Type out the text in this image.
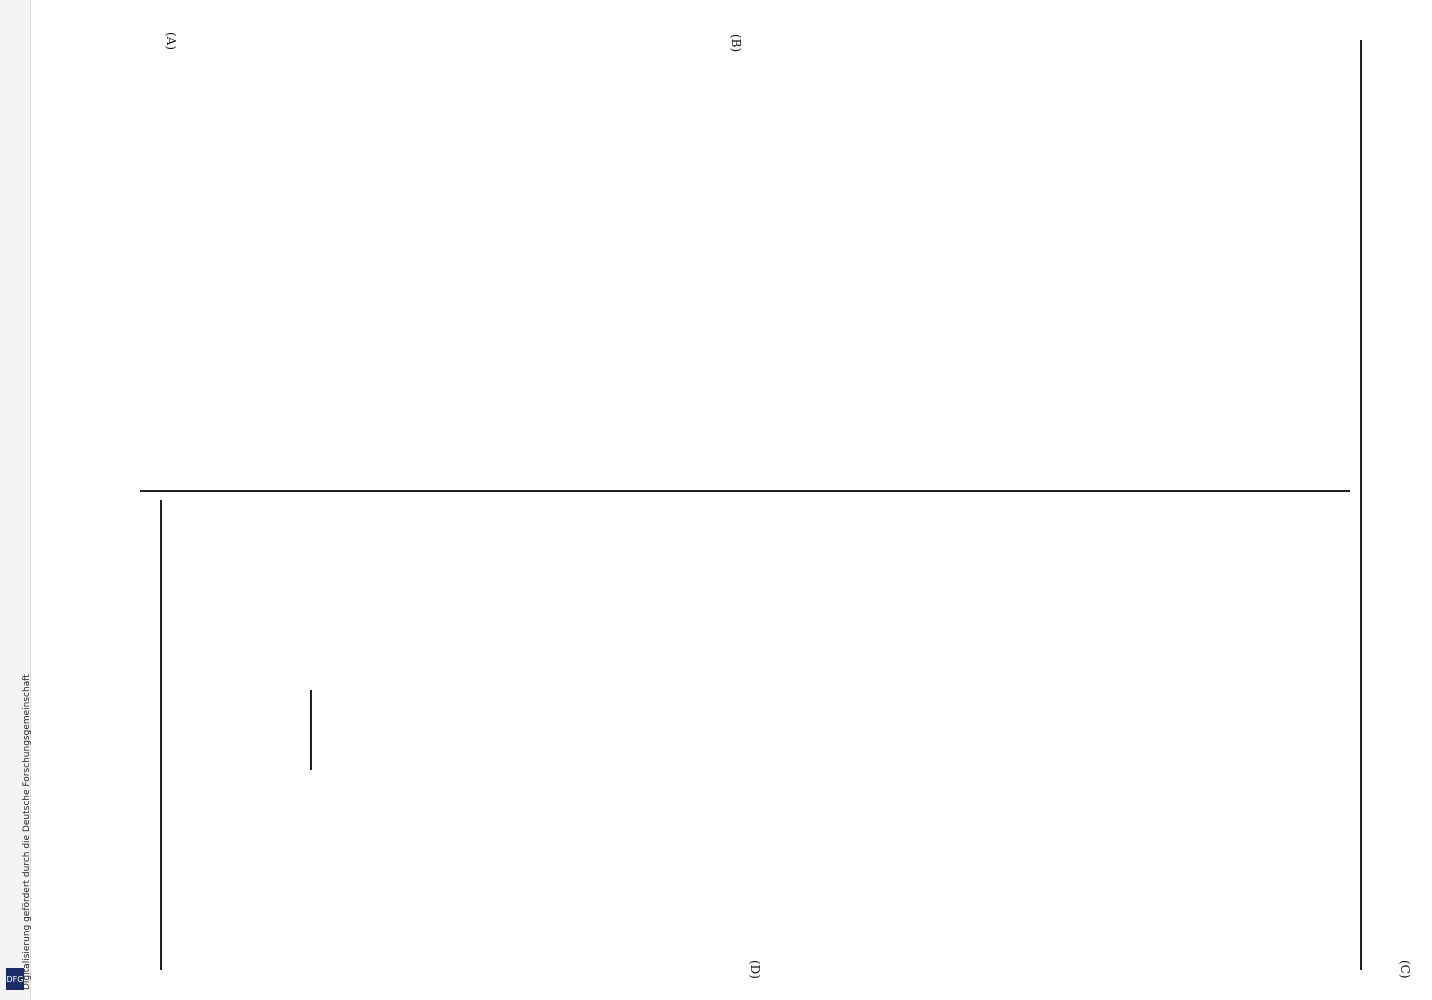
DFG
Digitalisierung gefördert durch die Deutsche Forschungsgemeinschaft
(A)	(B)
(C)
(D)
